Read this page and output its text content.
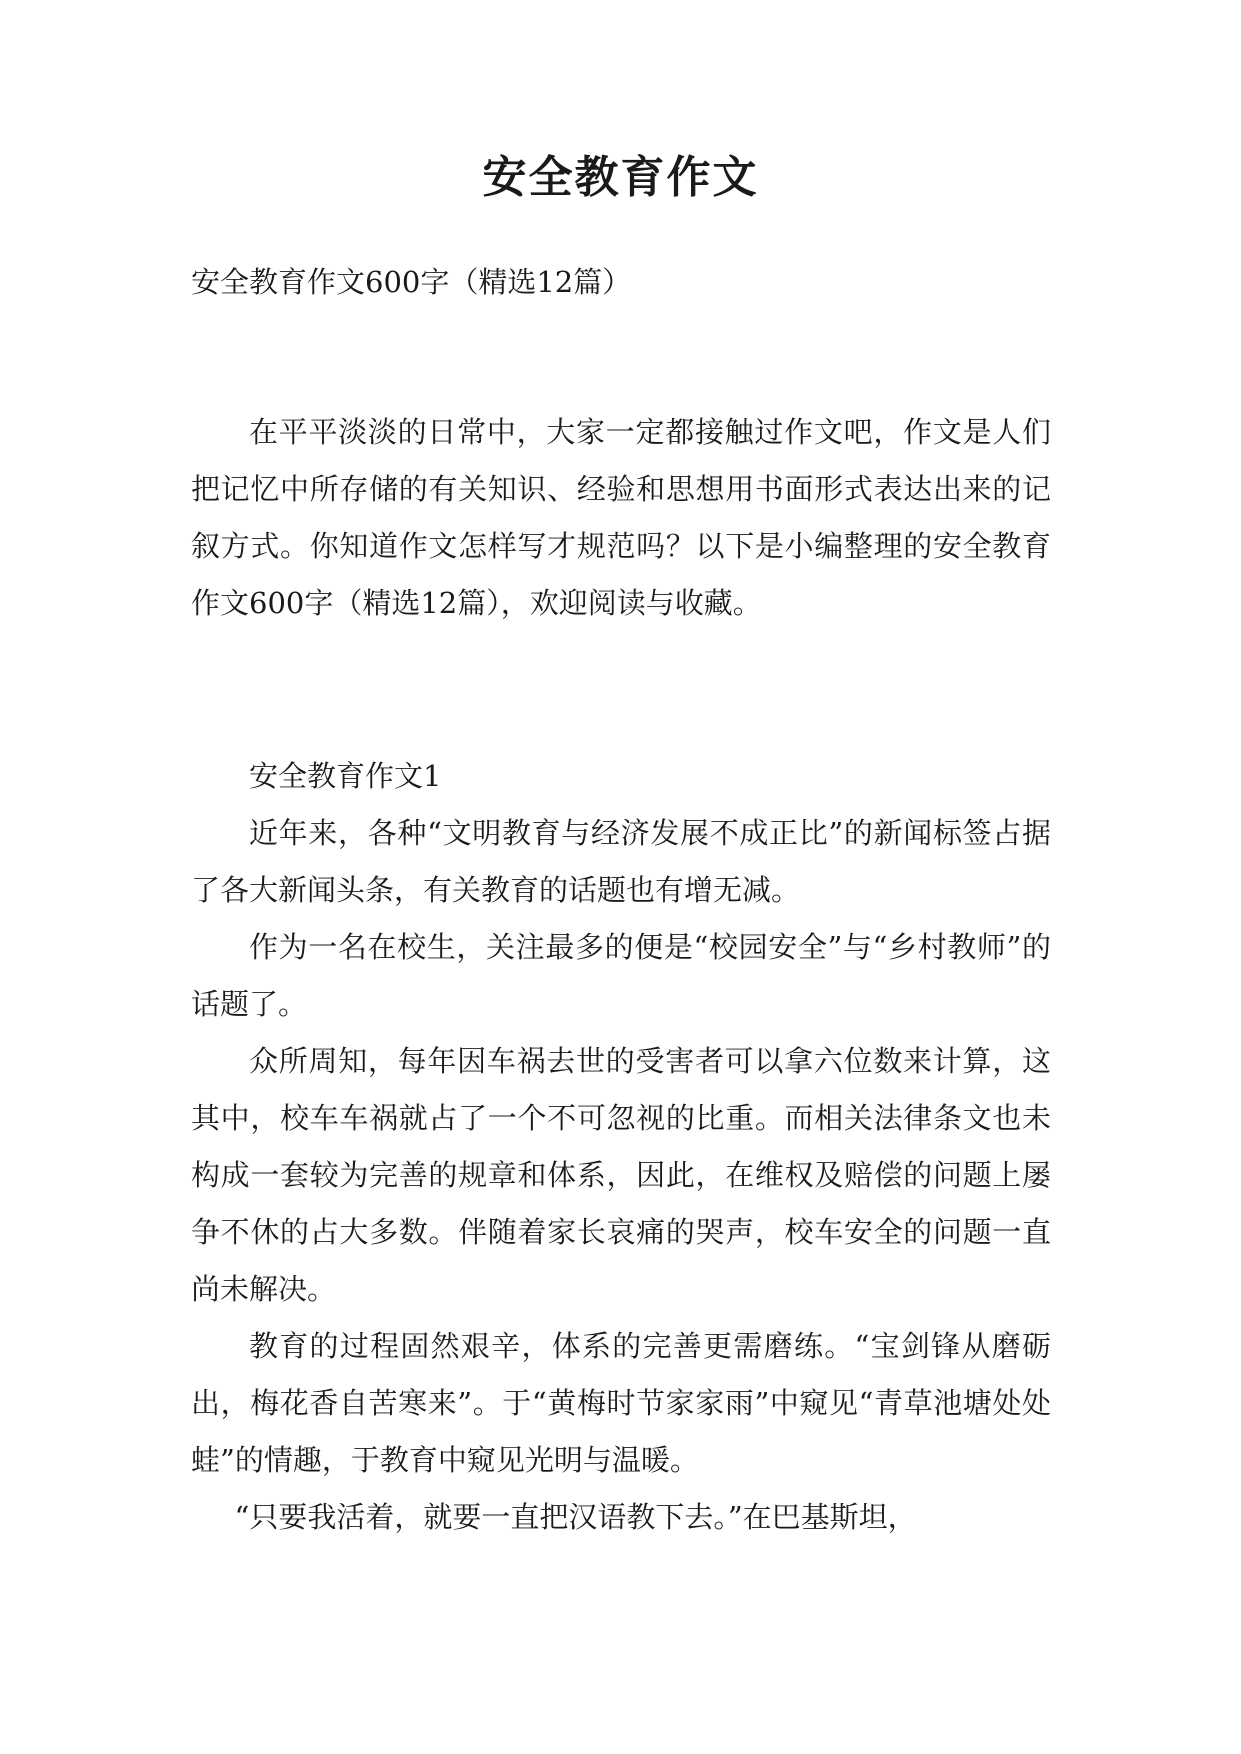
安全教育作文
安全教育作文600字（精选12篇）

在平平淡淡的日常中，大家一定都接触过作文吧，作文是人们把记忆中所存储的有关知识、经验和思想用书面形式表达出来的记叙方式。你知道作文怎样写才规范吗？以下是小编整理的安全教育作文600字（精选12篇），欢迎阅读与收藏。

安全教育作文1

近年来，各种“文明教育与经济发展不成正比”的新闻标签占据了各大新闻头条，有关教育的话题也有增无减。

作为一名在校生，关注最多的便是“校园安全”与“乡村教师”的话题了。

众所周知，每年因车祸去世的受害者可以拿六位数来计算，这其中，校车车祸就占了一个不可忽视的比重。而相关法律条文也未构成一套较为完善的规章和体系，因此，在维权及赔偿的问题上屡争不休的占大多数。伴随着家长哀痛的哭声，校车安全的问题一直尚未解决。

教育的过程固然艰辛，体系的完善更需磨练。“宝剑锋从磨砺出，梅花香自苦寒来”。于“黄梅时节家家雨”中窥见“青草池塘处处蛙”的情趣，于教育中窥见光明与温暖。

“只要我活着，就要一直把汉语教下去。”在巴基斯坦，
